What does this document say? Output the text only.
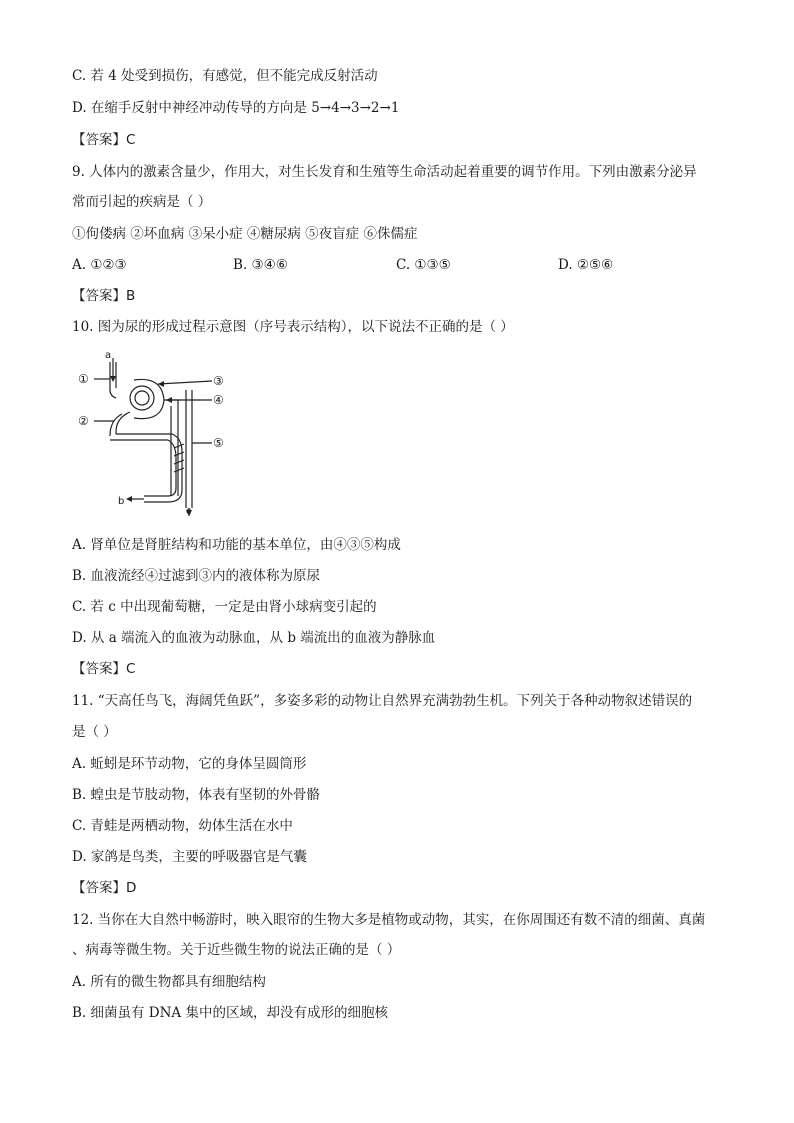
C. 若 4 处受到损伤，有感觉，但不能完成反射活动
D. 在缩手反射中神经冲动传导的方向是 5→4→3→2→1
【答案】C
9. 人体内的激素含量少，作用大，对生长发育和生殖等生命活动起着重要的调节作用。下列由激素分泌异
常而引起的疾病是（ ）
①佝偻病 ②坏血病 ③呆小症 ④糖尿病 ⑤夜盲症 ⑥侏儒症
A. ①②③	B. ③④⑥	C. ①③⑤	D. ②⑤⑥
【答案】B
10. 图为尿的形成过程示意图（序号表示结构），以下说法不正确的是（ ）
a
b
c
①
②
③
④
⑤
A. 肾单位是肾脏结构和功能的基本单位，由④③⑤构成
B. 血液流经④过滤到③内的液体称为原尿
C. 若 c 中出现葡萄糖，一定是由肾小球病变引起的
D. 从 a 端流入的血液为动脉血，从 b 端流出的血液为静脉血
【答案】C
11. “天高任鸟飞，海阔凭鱼跃”，多姿多彩的动物让自然界充满勃勃生机。下列关于各种动物叙述错误的
是（ ）
A. 蚯蚓是环节动物，它的身体呈圆筒形
B. 蝗虫是节肢动物，体表有坚韧的外骨骼
C. 青蛙是两栖动物，幼体生活在水中
D. 家鸽是鸟类，主要的呼吸器官是气囊
【答案】D
12. 当你在大自然中畅游时，映入眼帘的生物大多是植物或动物，其实，在你周围还有数不清的细菌、真菌
、病毒等微生物。关于近些微生物的说法正确的是（ ）
A. 所有的微生物都具有细胞结构
B. 细菌虽有 DNA 集中的区域，却没有成形的细胞核
